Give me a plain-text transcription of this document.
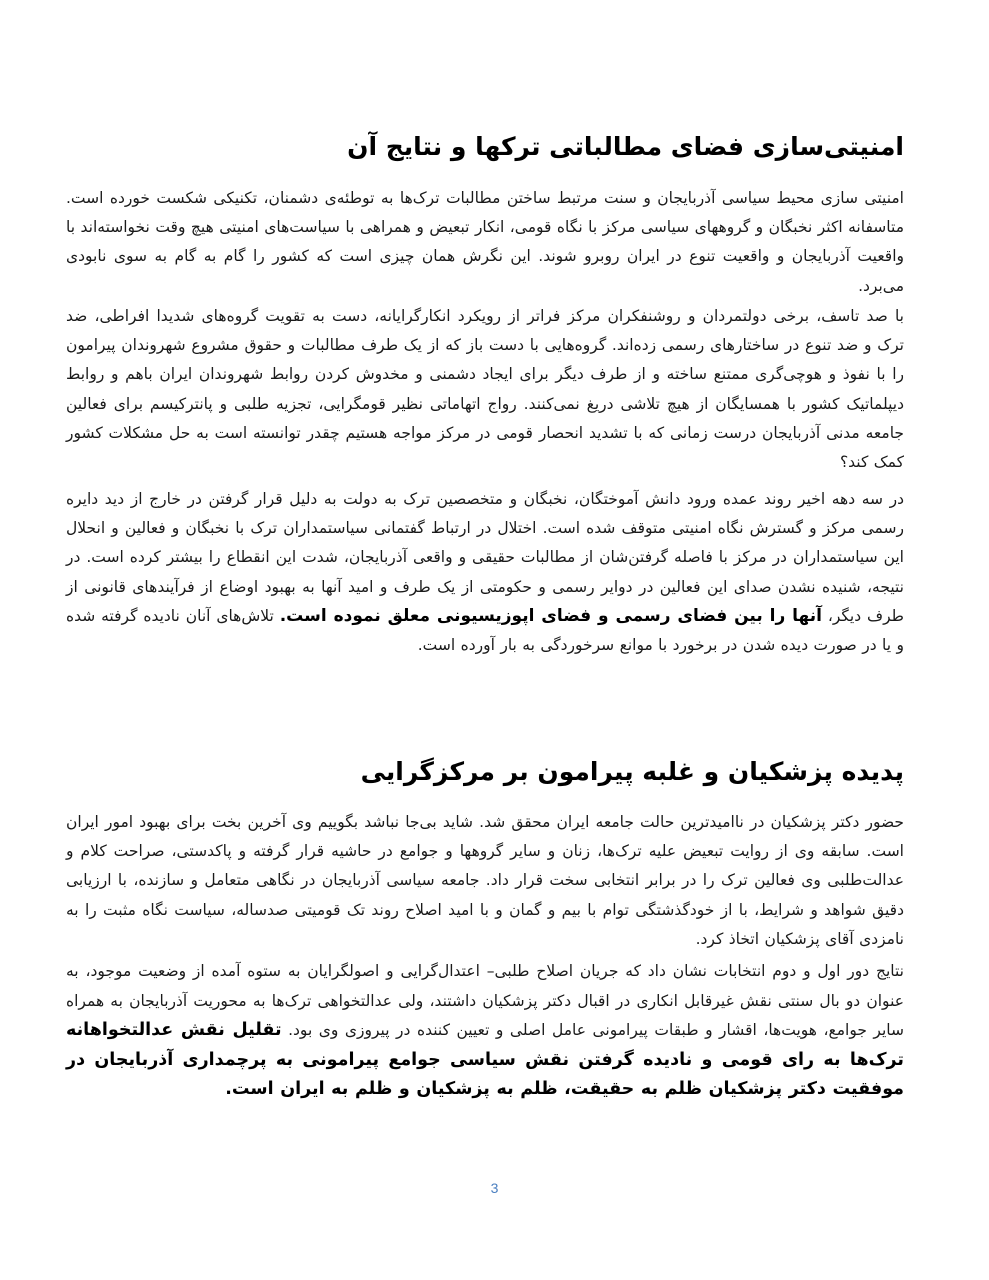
امنیتی‌سازی فضای مطالباتی ترکها و نتایج آن

امنیتی سازی محیط سیاسی آذربایجان و سنت مرتبط ساختن مطالبات ترک‌ها به توطئه‌ی دشمنان، تکنیکی شکست خورده است. متاسفانه اکثر نخبگان و گروههای سیاسی مرکز با نگاه قومی، انکار تبعیض و همراهی با سیاست‌های امنیتی هیچ وقت نخواسته‌اند با واقعیت آذربایجان و واقعیت تنوع در ایران روبرو شوند. این نگرش همان چیزی است که کشور را گام به گام به سوی نابودی می‌برد.

با صد تاسف، برخی دولتمردان و روشنفکران مرکز فراتر از رویکرد انکارگرایانه، دست به تقویت گروه‌های شدیدا افراطی، ضد ترک و ضد تنوع در ساختارهای رسمی زده‌اند. گروه‌هایی با دست باز که از یک طرف مطالبات و حقوق مشروع شهروندان پیرامون را با نفوذ و هوچی‌گری ممتنع ساخته و از طرف دیگر برای ایجاد دشمنی و مخدوش کردن روابط شهروندان ایران باهم و روابط دیپلماتیک کشور با همسایگان از هیچ تلاشی دریغ نمی‌کنند. رواج اتهاماتی نظیر قومگرایی، تجزیه طلبی و پانترکیسم برای فعالین جامعه مدنی آذربایجان درست زمانی که با تشدید انحصار قومی در مرکز مواجه هستیم چقدر توانسته است به حل مشکلات کشور کمک کند؟

در سه دهه اخیر روند عمده ورود دانش آموختگان، نخبگان و متخصصین ترک به دولت به دلیل قرار گرفتن در خارج از دید دایره رسمی مرکز و گسترش نگاه امنیتی متوقف شده است. اختلال در ارتباط گفتمانی سیاستمداران ترک با نخبگان و فعالین و انحلال این سیاستمداران در مرکز با فاصله گرفتن‌شان از مطالبات حقیقی و واقعی آذربایجان، شدت این انقطاع را بیشتر کرده است. در نتیجه، شنیده نشدن صدای این فعالین در دوایر رسمی و حکومتی از یک طرف و امید آنها به بهبود اوضاع از فرآیندهای قانونی از طرف دیگر، آنها را بین فضای رسمی و فضای اپوزیسیونی معلق نموده است. تلاش‌های آنان نادیده گرفته شده و یا در صورت دیده شدن در برخورد با موانع سرخوردگی به بار آورده است.

پدیده پزشکیان و غلبه پیرامون بر مرکزگرایی

حضور دکتر پزشکیان در ناامیدترین حالت جامعه ایران محقق شد. شاید بی‌جا نباشد بگوییم وی آخرین بخت برای بهبود امور ایران است. سابقه وی از روایت تبعیض علیه ترک‌ها، زنان و سایر گروهها و جوامع در حاشیه قرار گرفته و پاکدستی، صراحت کلام و عدالت‌طلبی وی فعالین ترک را در برابر انتخابی سخت قرار داد. جامعه سیاسی آذربایجان در نگاهی متعامل و سازنده، با ارزیابی دقیق شواهد و شرایط، با از خودگذشتگی توام با بیم و گمان و با امید اصلاح روند تک قومیتی صدساله، سیاست نگاه مثبت را به نامزدی آقای پزشکیان اتخاذ کرد.

نتایج دور اول و دوم انتخابات نشان داد که جریان اصلاح طلبی– اعتدال‌گرایی و اصولگرایان به ستوه آمده از وضعیت موجود، به عنوان دو بال سنتی نقش غیرقابل انکاری در اقبال دکتر پزشکیان داشتند، ولی عدالتخواهی ترک‌ها به محوریت آذربایجان به همراه سایر جوامع، هویت‌ها، اقشار و طبقات پیرامونی عامل اصلی و تعیین کننده در پیروزی وی بود. تقلیل نقش عدالتخواهانه ترک‌ها به رای قومی و نادیده گرفتن نقش سیاسی جوامع پیرامونی به پرچمداری آذربایجان در موفقیت دکتر پزشکیان ظلم به حقیقت، ظلم به پزشکیان و ظلم به ایران است.

3
